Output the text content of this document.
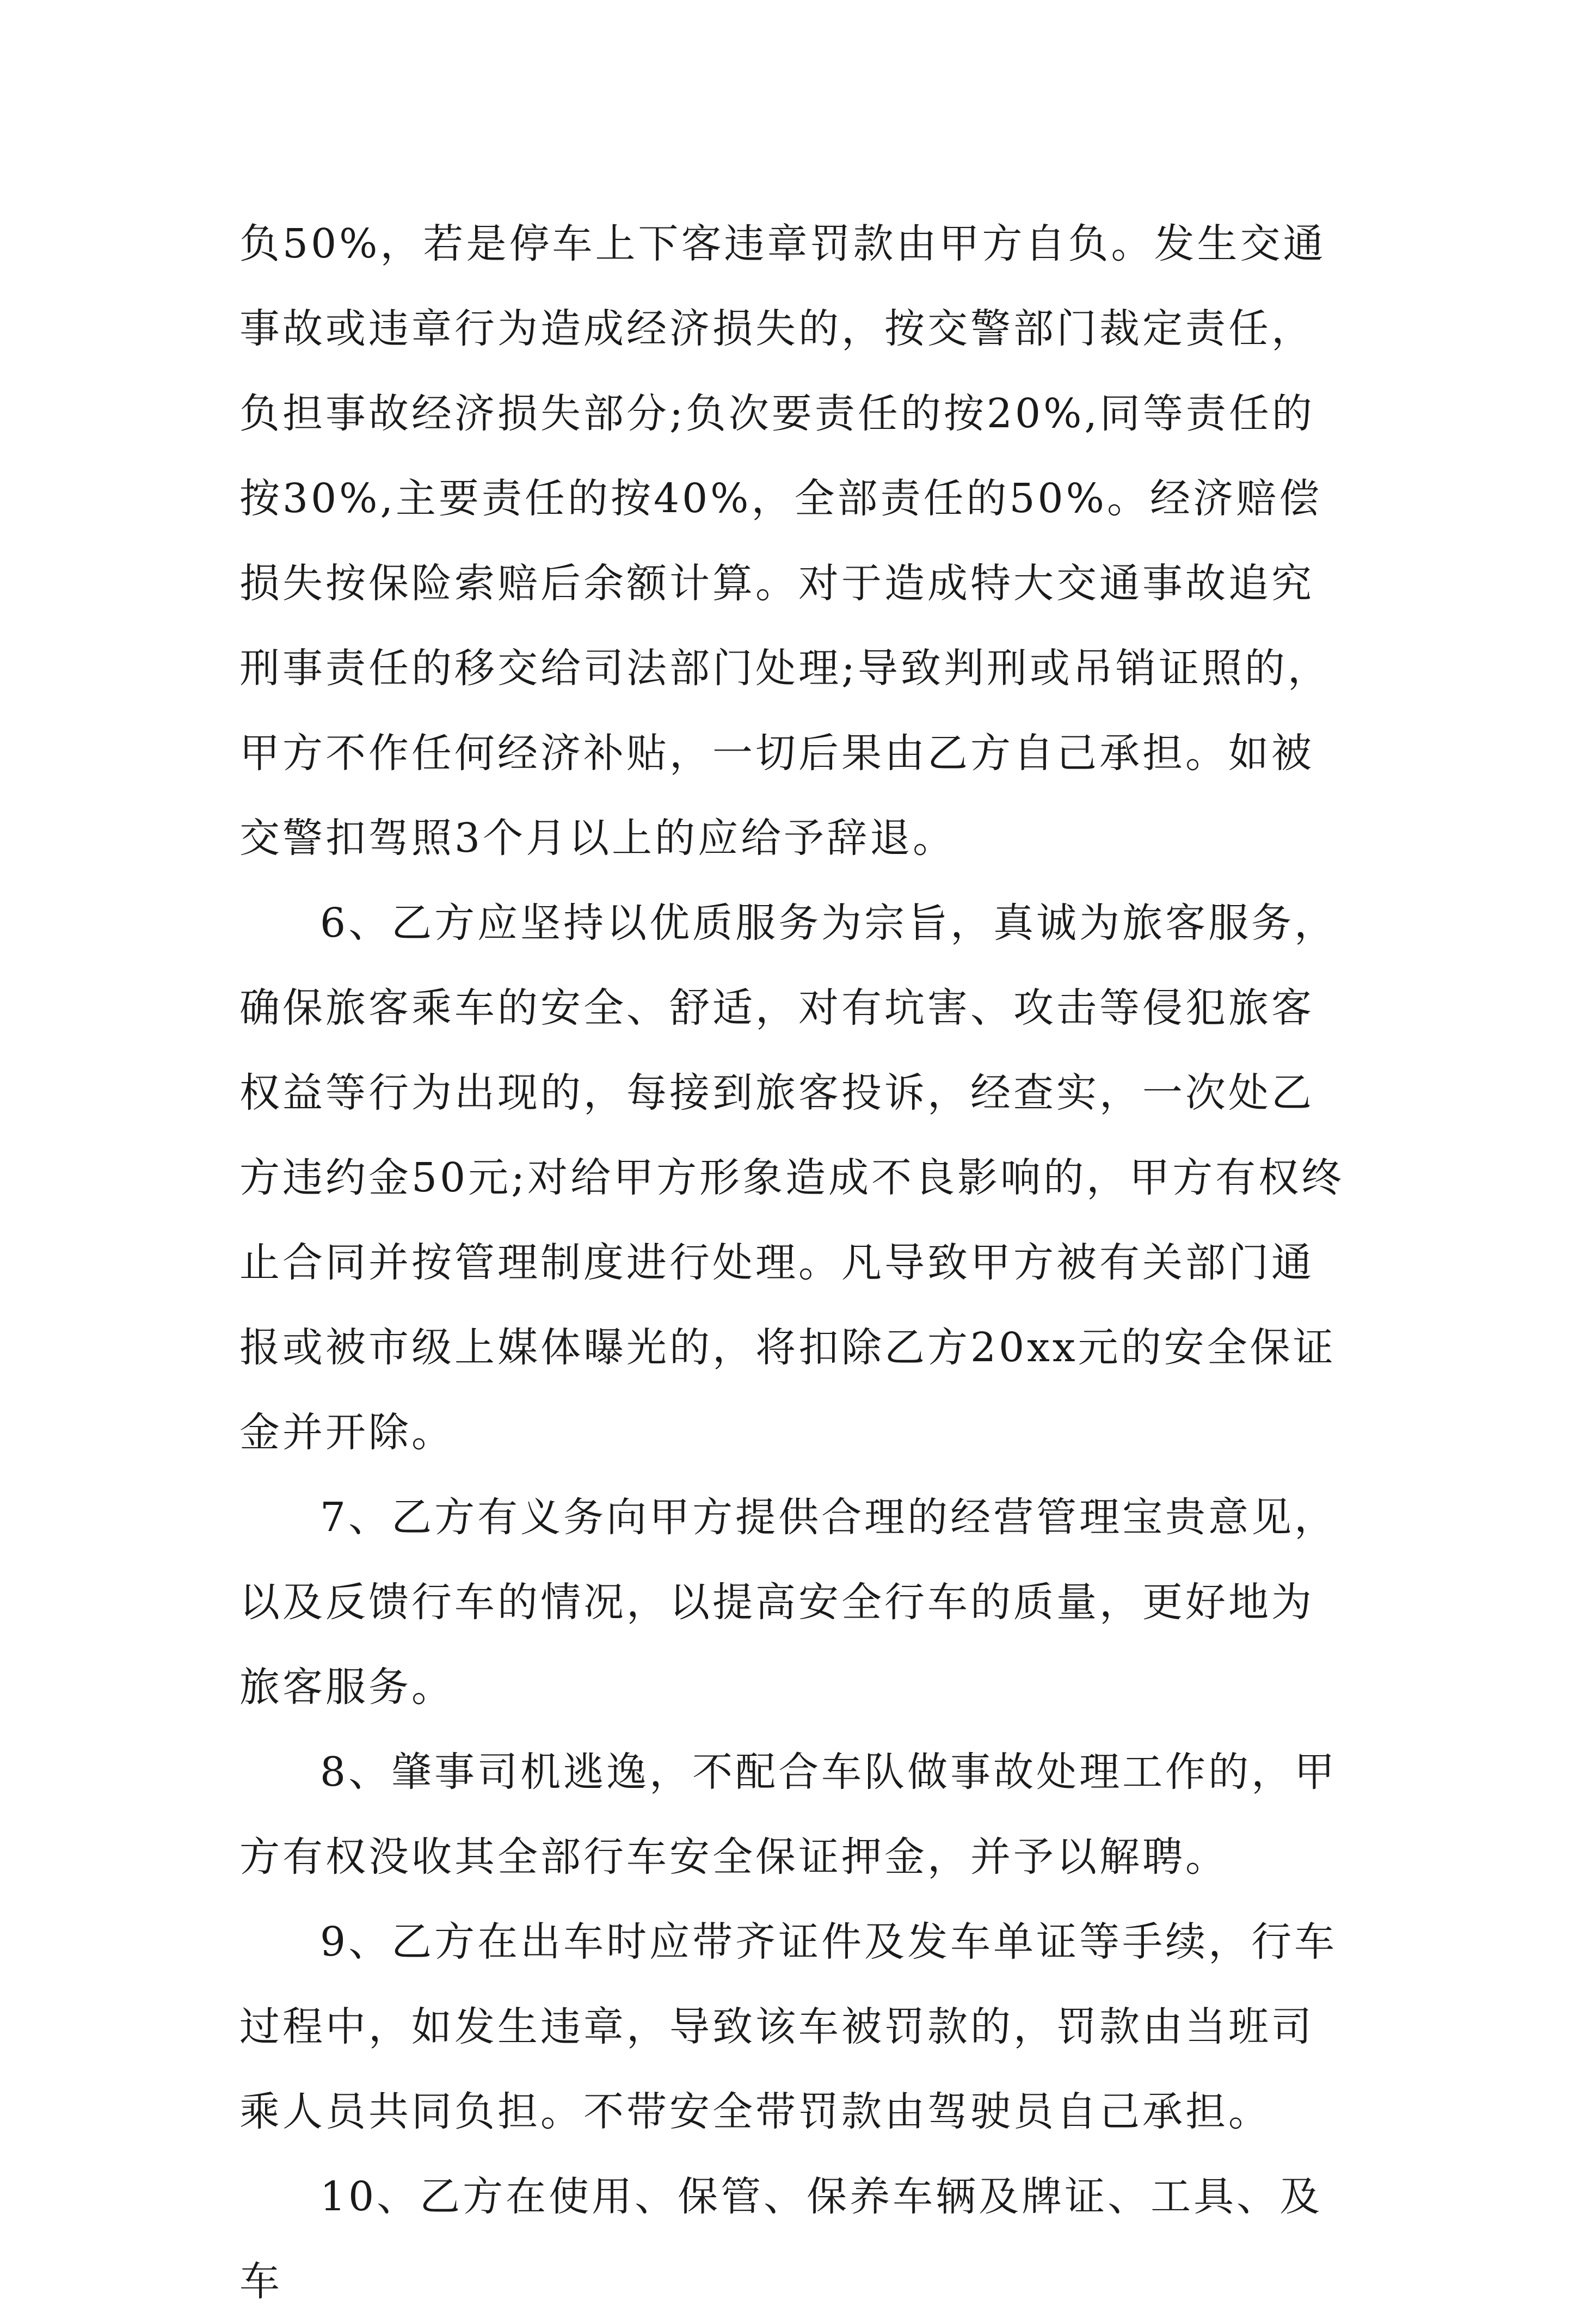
负50%，若是停车上下客违章罚款由甲方自负。发生交通事故或违章行为造成经济损失的，按交警部门裁定责任，负担事故经济损失部分;负次要责任的按20%,同等责任的按30%,主要责任的按40%，全部责任的50%。经济赔偿损失按保险索赔后余额计算。对于造成特大交通事故追究刑事责任的移交给司法部门处理;导致判刑或吊销证照的，甲方不作任何经济补贴，一切后果由乙方自己承担。如被交警扣驾照3个月以上的应给予辞退。

6、乙方应坚持以优质服务为宗旨，真诚为旅客服务，确保旅客乘车的安全、舒适，对有坑害、攻击等侵犯旅客权益等行为出现的，每接到旅客投诉，经查实，一次处乙方违约金50元;对给甲方形象造成不良影响的，甲方有权终止合同并按管理制度进行处理。凡导致甲方被有关部门通报或被市级上媒体曝光的，将扣除乙方20xx元的安全保证金并开除。

7、乙方有义务向甲方提供合理的经营管理宝贵意见，以及反馈行车的情况，以提高安全行车的质量，更好地为旅客服务。

8、肇事司机逃逸，不配合车队做事故处理工作的，甲方有权没收其全部行车安全保证押金，并予以解聘。

9、乙方在出车时应带齐证件及发车单证等手续，行车过程中，如发生违章，导致该车被罚款的，罚款由当班司乘人员共同负担。不带安全带罚款由驾驶员自己承担。

10、乙方在使用、保管、保养车辆及牌证、工具、及车
